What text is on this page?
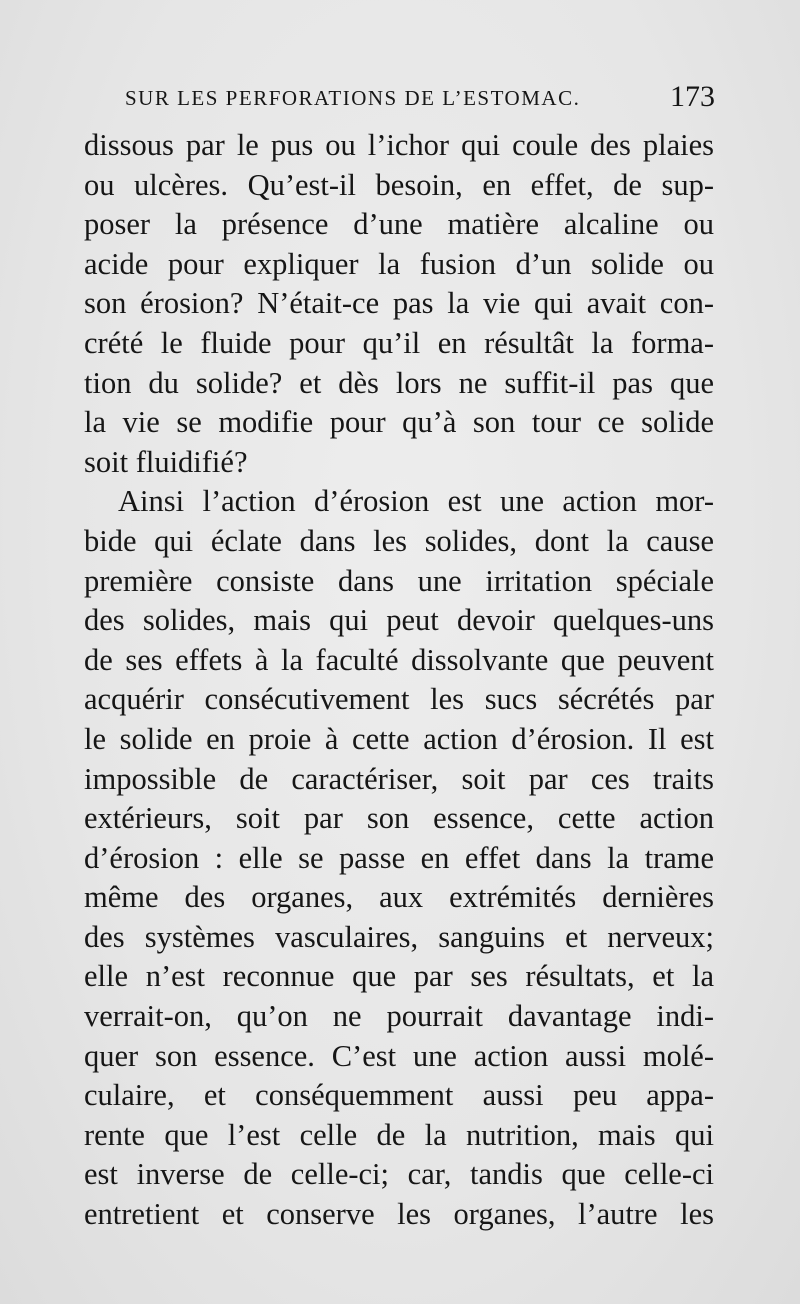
SUR LES PERFORATIONS DE L’ESTOMAC.	173
dissous par le pus ou l’ichor qui coule des plaies
ou ulcères. Qu’est-il besoin, en effet, de sup-
poser la présence d’une matière alcaline ou
acide pour expliquer la fusion d’un solide ou
son érosion? N’était-ce pas la vie qui avait con-
crété le fluide pour qu’il en résultât la forma-
tion du solide? et dès lors ne suffit-il pas que
la vie se modifie pour qu’à son tour ce solide
soit fluidifié?
Ainsi l’action d’érosion est une action mor-
bide qui éclate dans les solides, dont la cause
première consiste dans une irritation spéciale
des solides, mais qui peut devoir quelques-uns
de ses effets à la faculté dissolvante que peuvent
acquérir consécutivement les sucs sécrétés par
le solide en proie à cette action d’érosion. Il est
impossible de caractériser, soit par ces traits
extérieurs, soit par son essence, cette action
d’érosion : elle se passe en effet dans la trame
même des organes, aux extrémités dernières
des systèmes vasculaires, sanguins et nerveux;
elle n’est reconnue que par ses résultats, et la
verrait-on, qu’on ne pourrait davantage indi-
quer son essence. C’est une action aussi molé-
culaire, et conséquemment aussi peu appa-
rente que l’est celle de la nutrition, mais qui
est inverse de celle-ci; car, tandis que celle-ci
entretient et conserve les organes, l’autre les
